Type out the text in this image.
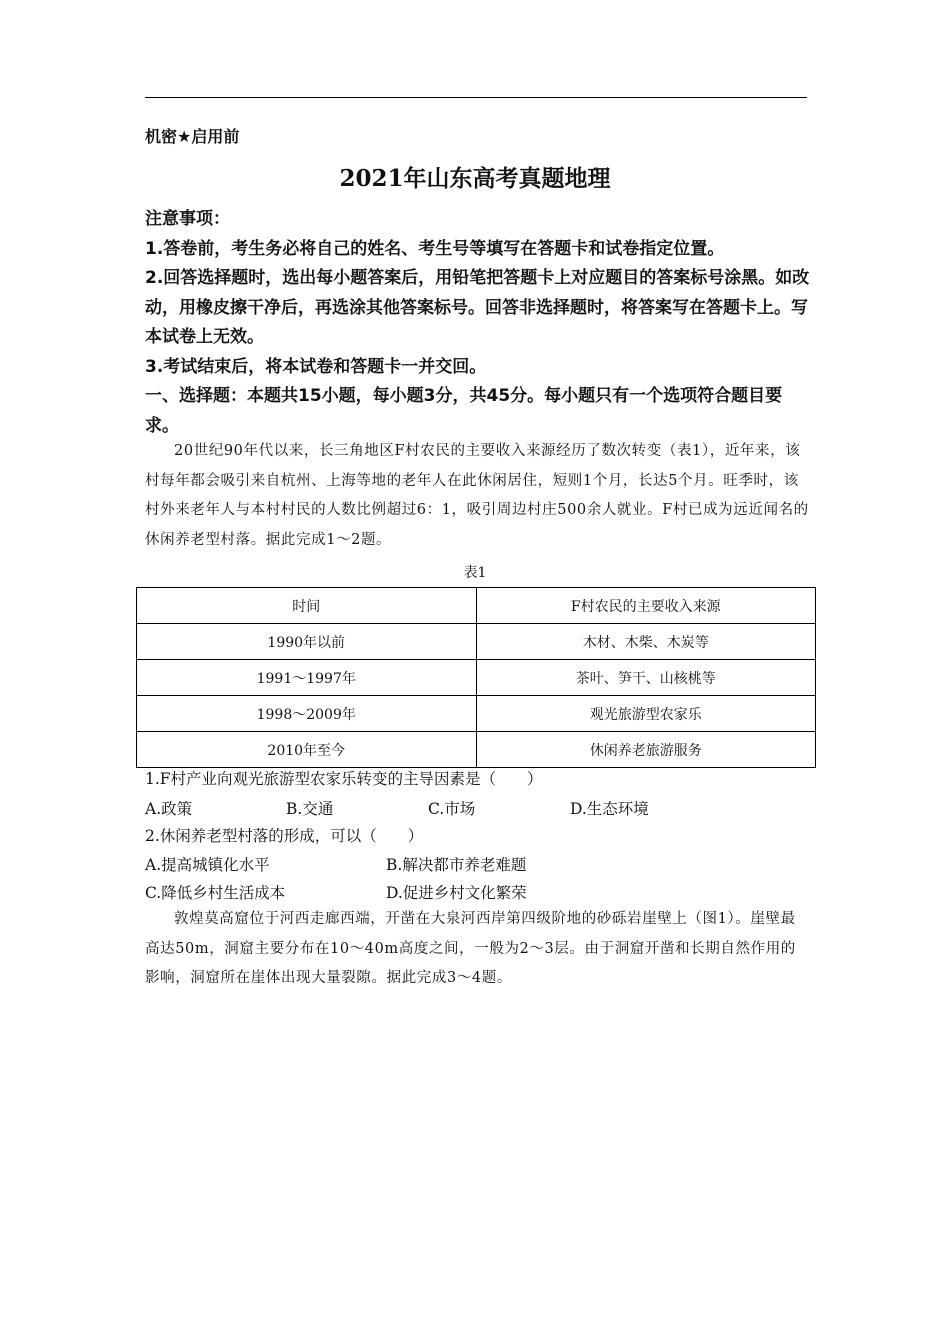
机密★启用前
2021年山东高考真题地理

注意事项：

1.答卷前，考生务必将自己的姓名、考生号等填写在答题卡和试卷指定位置。

2.回答选择题时，选出每小题答案后，用铅笔把答题卡上对应题目的答案标号涂黑。如改动，用橡皮擦干净后，再选涂其他答案标号。回答非选择题时，将答案写在答题卡上。写本试卷上无效。

3.考试结束后，将本试卷和答题卡一并交回。

一、选择题：本题共15小题，每小题3分，共45分。每小题只有一个选项符合题目要求。

20世纪90年代以来，长三角地区F村农民的主要收入来源经历了数次转变（表1），近年来，该村每年都会吸引来自杭州、上海等地的老年人在此休闲居住，短则1个月，长达5个月。旺季时，该村外来老年人与本村村民的人数比例超过6：1，吸引周边村庄500余人就业。F村已成为远近闻名的休闲养老型村落。据此完成1～2题。

表1
时间	F村农民的主要收入来源
1990年以前	木材、木柴、木炭等
1991～1997年	茶叶、笋干、山核桃等
1998～2009年	观光旅游型农家乐
2010年至今	休闲养老旅游服务
1.F村产业向观光旅游型农家乐转变的主导因素是（　　）
A.政策	B.交通	C.市场	D.生态环境
2.休闲养老型村落的形成，可以（　　）
A.提高城镇化水平	B.解决都市养老难题
C.降低乡村生活成本	D.促进乡村文化繁荣

敦煌莫高窟位于河西走廊西端，开凿在大泉河西岸第四级阶地的砂砾岩崖壁上（图1）。崖壁最高达50m，洞窟主要分布在10～40m高度之间，一般为2～3层。由于洞窟开凿和长期自然作用的影响，洞窟所在崖体出现大量裂隙。据此完成3～4题。
